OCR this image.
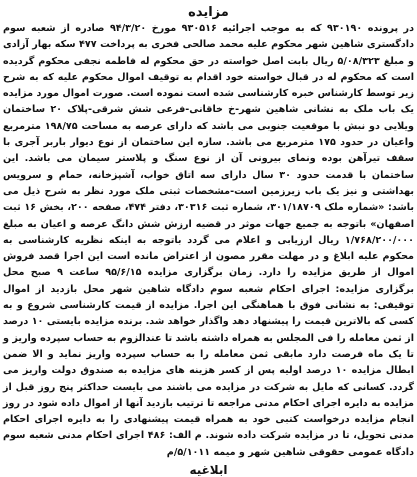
مزایده

در پرونده ۹۳۰۱۹۰ که به موجب اجرائیه ۹۳۰۵۱۶ مورخ ۹۴/۳/۲۰ صادره از شعبه سوم دادگستری شاهین شهر محکوم علیه محمد صالحی فخری به پرداخت ۴۷۷ سکه بهار آزادی و مبلغ ۵/۰۸/۳۲۳ ریال بابت اصل خواسته در حق محکوم له فاطمه نجفی محکوم گردیده است که محکوم له در قبال خواسته خود اقدام به توقیف اموال محکوم علیه که به شرح زیر توسط کارشناس خبره کارشناسی شده است نموده است. صورت اموال مورد مزایده یک باب ملک به نشانی شاهین شهر-خ خاقانی-فرعی شش شرقی-پلاک ۲۰ ساختمان ویلایی دو نبش با موقعیت جنوبی می باشد که دارای عرصه به مساحت ۱۹۸/۷۵ مترمربع واعیان در حدود ۱۷۵ مترمربع می باشد. سازه این ساختمان از نوع دیوار باربر آجری با سقف تیرآهن بوده ونمای بیرونی آن از نوع سنگ و پلاستر سیمان می باشد. این ساختمان با قدمت حدود ۳۰ سال دارای سه اتاق خواب، آشپزخانه، حمام و سرویس بهداشتی و نیز یک باب زیرزمین است-مشخصات ثبتی ملک مورد نظر به شرح ذیل می باشد: «شماره ملک ۳۰۱/۱۸۷۰۹، شماره ثبت ۳۰۳۱۶، دفتر ۴۷۴، صفحه ۲۰۰، بخش ۱۶ ثبت اصفهان» باتوجه به جمیع جهات موثر در قضیه ارزش شش دانگ عرصه و اعیان به مبلغ ۱/۷۶۸/۲۰۰/۰۰۰ ریال ارزیابی و اعلام می گردد باتوجه به اینکه نظریه کارشناسی به محکوم علیه ابلاغ و در مهلت مقرر مصون از اعتراض مانده است این اجرا قصد فروش اموال از طریق مزایده را دارد. زمان برگزاری مزایده ۹۵/۶/۱۵ ساعت ۹ صبح محل برگزاری مزایده: اجرای احکام شعبه سوم دادگاه شاهین شهر محل بازدید از اموال توقیفی: به نشانی فوق با هماهنگی این اجرا. مزایده از قیمت کارشناسی شروع و به کسی که بالاترین قیمت را پیشنهاد دهد واگذار خواهد شد. برنده مزایده بایستی ۱۰ درصد از ثمن معامله را فی المجلس به همراه داشته باشد تا عندالزوم به حساب سپرده واریز و تا یک ماه فرصت دارد مابقی ثمن معامله را به حساب سپرده واریز نماید و الا ضمن ابطال مزایده ۱۰ درصد اولیه پس از کسر هزینه های مزایده به صندوق دولت واریز می گردد. کسانی که مایل به شرکت در مزایده می باشند می بایست حداکثر پنج روز قبل از مزایده به دایره اجرای احکام مدنی مراجعه تا ترتیب بازدید آنها از اموال داده شود در روز انجام مزایده درخواست کتبی خود به همراه قیمت پیشنهادی را به دایره اجرای احکام مدنی تحویل، تا در مزایده شرکت داده شوند. م الف: ۴۸۶ اجرای احکام مدنی شعبه سوم دادگاه عمومی حقوقی شاهین شهر و میمه ۵/۱۰۱۱/م

ابلاغیه
